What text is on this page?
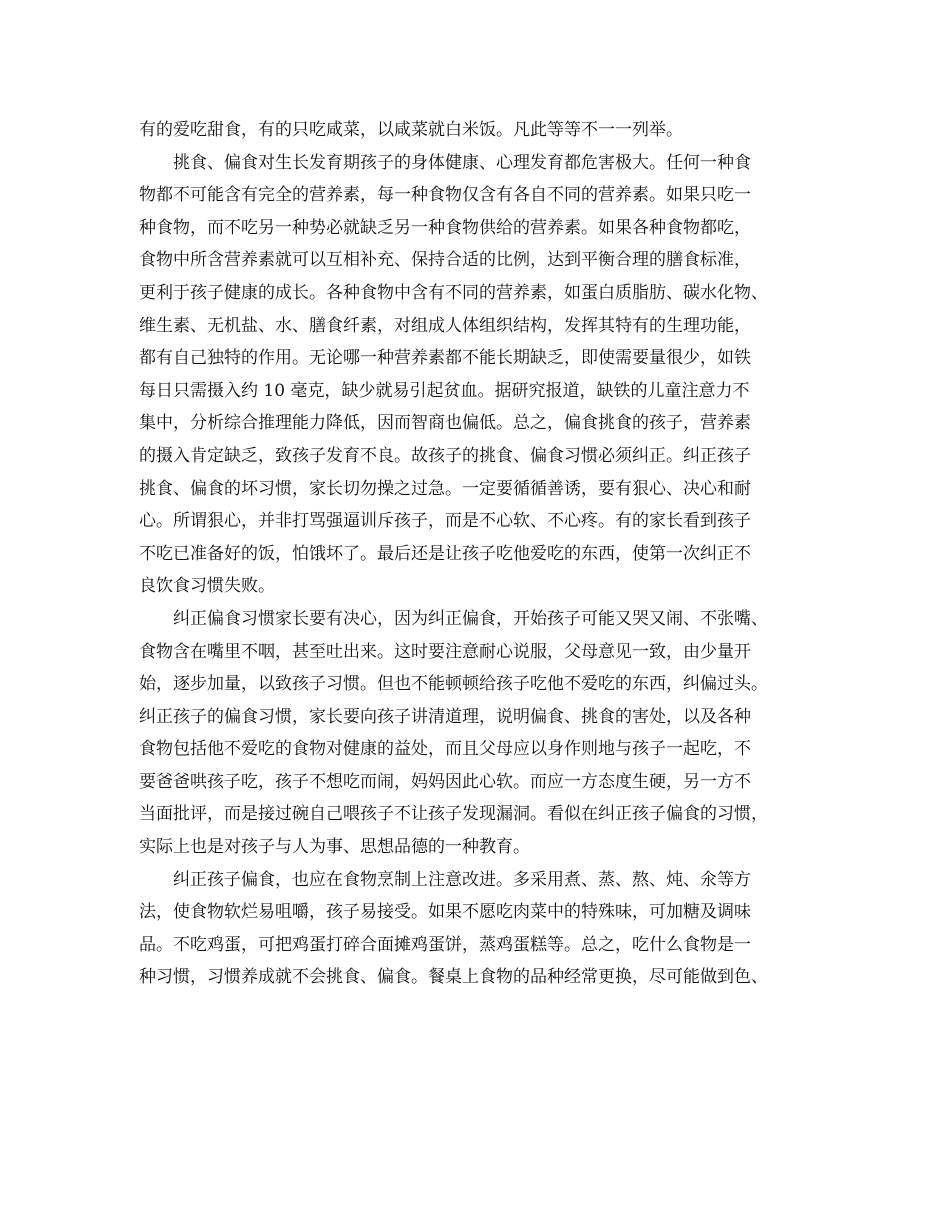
有的爱吃甜食，有的只吃咸菜，以咸菜就白米饭。凡此等等不一一列举。
挑食、偏食对生长发育期孩子的身体健康、心理发育都危害极大。任何一种食
物都不可能含有完全的营养素，每一种食物仅含有各自不同的营养素。如果只吃一
种食物，而不吃另一种势必就缺乏另一种食物供给的营养素。如果各种食物都吃，
食物中所含营养素就可以互相补充、保持合适的比例，达到平衡合理的膳食标准，
更利于孩子健康的成长。各种食物中含有不同的营养素，如蛋白质脂肪、碳水化物、
维生素、无机盐、水、膳食纤素，对组成人体组织结构，发挥其特有的生理功能，
都有自己独特的作用。无论哪一种营养素都不能长期缺乏，即使需要量很少，如铁
每日只需摄入约 10 毫克，缺少就易引起贫血。据研究报道，缺铁的儿童注意力不
集中，分析综合推理能力降低，因而智商也偏低。总之，偏食挑食的孩子，营养素
的摄入肯定缺乏，致孩子发育不良。故孩子的挑食、偏食习惯必须纠正。纠正孩子
挑食、偏食的坏习惯，家长切勿操之过急。一定要循循善诱，要有狠心、决心和耐
心。所谓狠心，并非打骂强逼训斥孩子，而是不心软、不心疼。有的家长看到孩子
不吃已准备好的饭，怕饿坏了。最后还是让孩子吃他爱吃的东西，使第一次纠正不
良饮食习惯失败。
纠正偏食习惯家长要有决心，因为纠正偏食，开始孩子可能又哭又闹、不张嘴、
食物含在嘴里不咽，甚至吐出来。这时要注意耐心说服，父母意见一致，由少量开
始，逐步加量，以致孩子习惯。但也不能顿顿给孩子吃他不爱吃的东西，纠偏过头。
纠正孩子的偏食习惯，家长要向孩子讲清道理，说明偏食、挑食的害处，以及各种
食物包括他不爱吃的食物对健康的益处，而且父母应以身作则地与孩子一起吃，不
要爸爸哄孩子吃，孩子不想吃而闹，妈妈因此心软。而应一方态度生硬，另一方不
当面批评，而是接过碗自己喂孩子不让孩子发现漏洞。看似在纠正孩子偏食的习惯，
实际上也是对孩子与人为事、思想品德的一种教育。
纠正孩子偏食，也应在食物烹制上注意改进。多采用煮、蒸、熬、炖、氽等方
法，使食物软烂易咀嚼，孩子易接受。如果不愿吃肉菜中的特殊味，可加糖及调味
品。不吃鸡蛋，可把鸡蛋打碎合面摊鸡蛋饼，蒸鸡蛋糕等。总之，吃什么食物是一
种习惯，习惯养成就不会挑食、偏食。餐桌上食物的品种经常更换，尽可能做到色、
